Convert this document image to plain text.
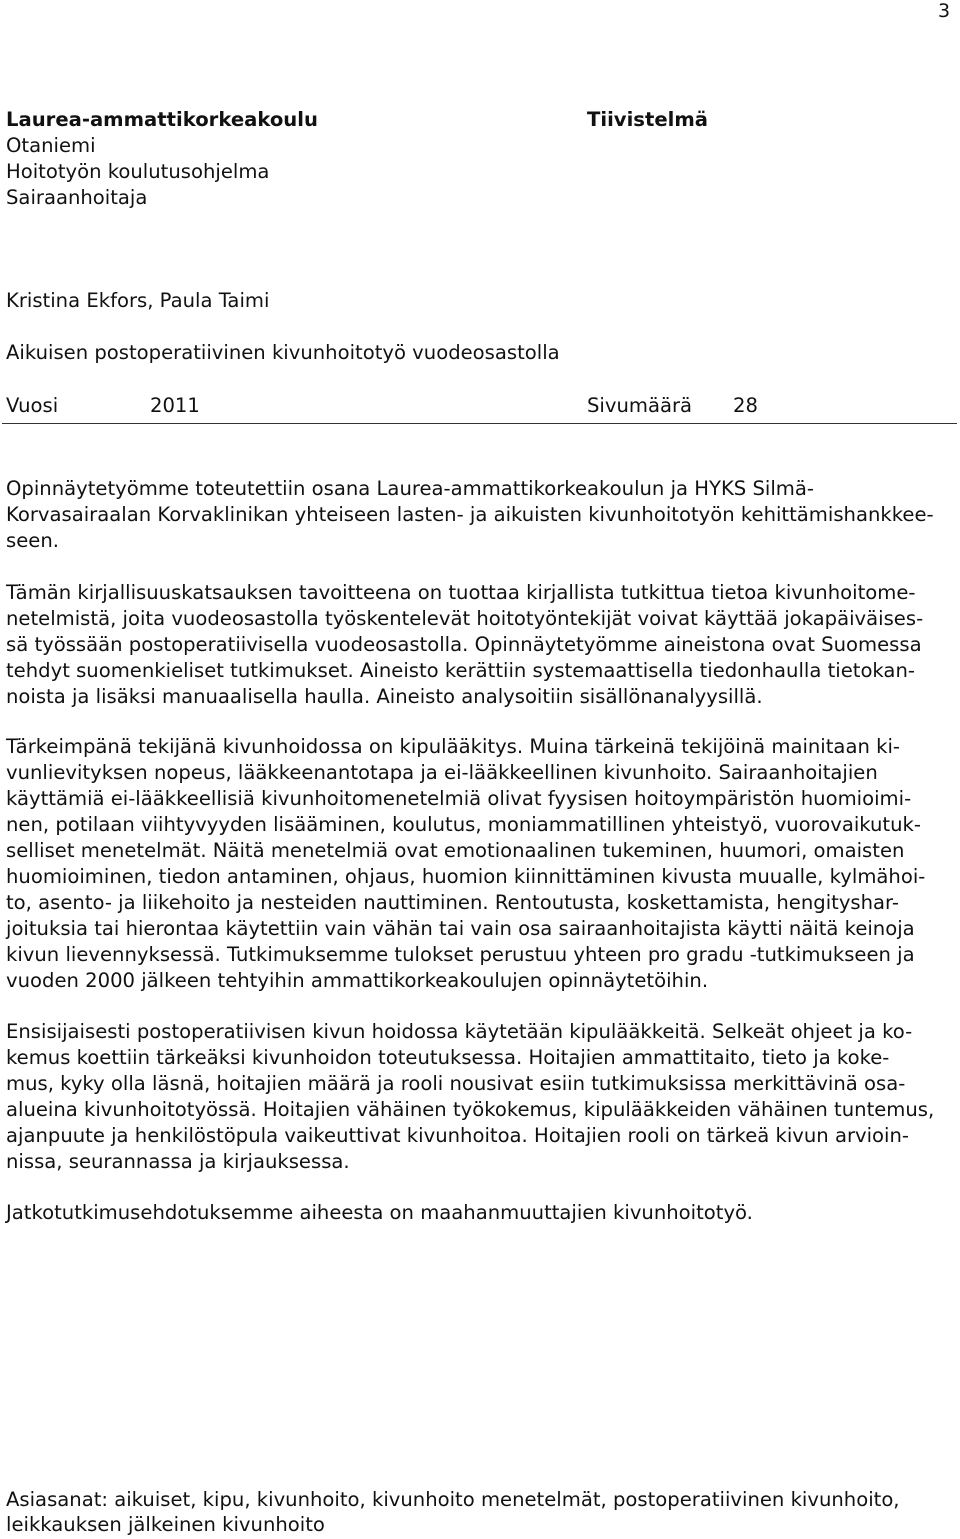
3
Laurea-ammattikorkeakoulu
Otaniemi
Hoitotyön koulutusohjelma
Sairaanhoitaja
Tiivistelmä
Kristina Ekfors, Paula Taimi
Aikuisen postoperatiivinen kivunhoitotyö vuodeosastolla
Vuosi	2011	Sivumäärä 28
Opinnäytetyömme toteutettiin osana Laurea-ammattikorkeakoulun ja HYKS Silmä-
Korvasairaalan Korvaklinikan yhteiseen lasten- ja aikuisten kivunhoitotyön kehittämishankkee-
seen.
Tämän kirjallisuuskatsauksen tavoitteena on tuottaa kirjallista tutkittua tietoa kivunhoitome-
netelmistä, joita vuodeosastolla työskentelevät hoitotyöntekijät voivat käyttää jokapäiväises-
sä työssään postoperatiivisella vuodeosastolla. Opinnäytetyömme aineistona ovat Suomessa
tehdyt suomenkieliset tutkimukset. Aineisto kerättiin systemaattisella tiedonhaulla tietokan-
noista ja lisäksi manuaalisella haulla. Aineisto analysoitiin sisällönanalyysillä.
Tärkeimpänä tekijänä kivunhoidossa on kipulääkitys. Muina tärkeinä tekijöinä mainitaan ki-
vunlievityksen nopeus, lääkkeenantotapa ja ei-lääkkeellinen kivunhoito. Sairaanhoitajien
käyttämiä ei-lääkkeellisiä kivunhoitomenetelmiä olivat fyysisen hoitoympäristön huomioimi-
nen, potilaan viihtyvyyden lisääminen, koulutus, moniammatillinen yhteistyö, vuorovaikutuk-
selliset menetelmät. Näitä menetelmiä ovat emotionaalinen tukeminen, huumori, omaisten
huomioiminen, tiedon antaminen, ohjaus, huomion kiinnittäminen kivusta muualle, kylmähoi-
to, asento- ja liikehoito ja nesteiden nauttiminen. Rentoutusta, koskettamista, hengityshar-
joituksia tai hierontaa käytettiin vain vähän tai vain osa sairaanhoitajista käytti näitä keinoja
kivun lievennyksessä. Tutkimuksemme tulokset perustuu yhteen pro gradu -tutkimukseen ja
vuoden 2000 jälkeen tehtyihin ammattikorkeakoulujen opinnäytetöihin.
Ensisijaisesti postoperatiivisen kivun hoidossa käytetään kipulääkkeitä. Selkeät ohjeet ja ko-
kemus koettiin tärkeäksi kivunhoidon toteutuksessa. Hoitajien ammattitaito, tieto ja koke-
mus, kyky olla läsnä, hoitajien määrä ja rooli nousivat esiin tutkimuksissa merkittävinä osa-
alueina kivunhoitotyössä. Hoitajien vähäinen työkokemus, kipulääkkeiden vähäinen tuntemus,
ajanpuute ja henkilöstöpula vaikeuttivat kivunhoitoa. Hoitajien rooli on tärkeä kivun arvioin-
nissa, seurannassa ja kirjauksessa.
Jatkotutkimusehdotuksemme aiheesta on maahanmuuttajien kivunhoitotyö.
Asiasanat: aikuiset, kipu, kivunhoito, kivunhoito menetelmät, postoperatiivinen kivunhoito,
leikkauksen jälkeinen kivunhoito
